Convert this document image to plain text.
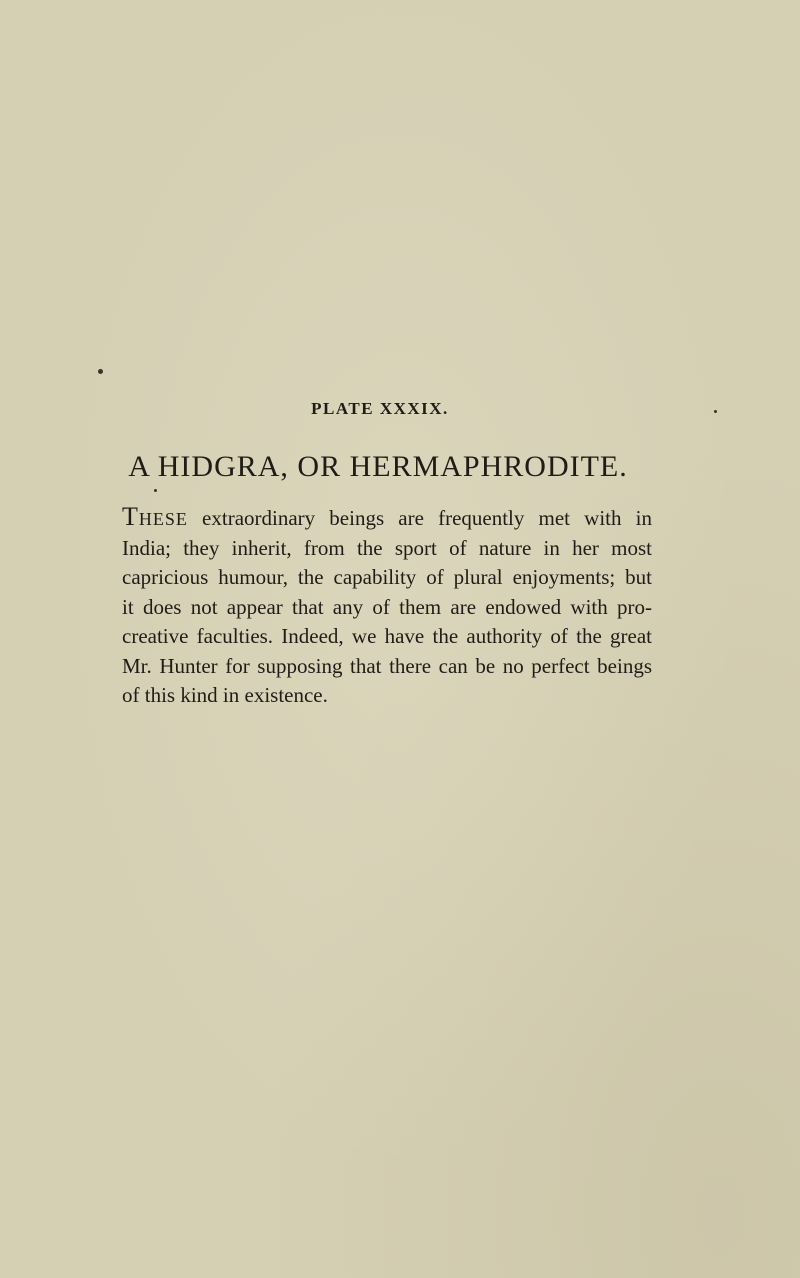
PLATE XXXIX.
A HIDGRA, OR HERMAPHRODITE.
These extraordinary beings are frequently met with in
India; they inherit, from the sport of nature in her most
capricious humour, the capability of plural enjoyments; but
it does not appear that any of them are endowed with pro-
creative faculties. Indeed, we have the authority of the great
Mr. Hunter for supposing that there can be no perfect beings
of this kind in existence.
